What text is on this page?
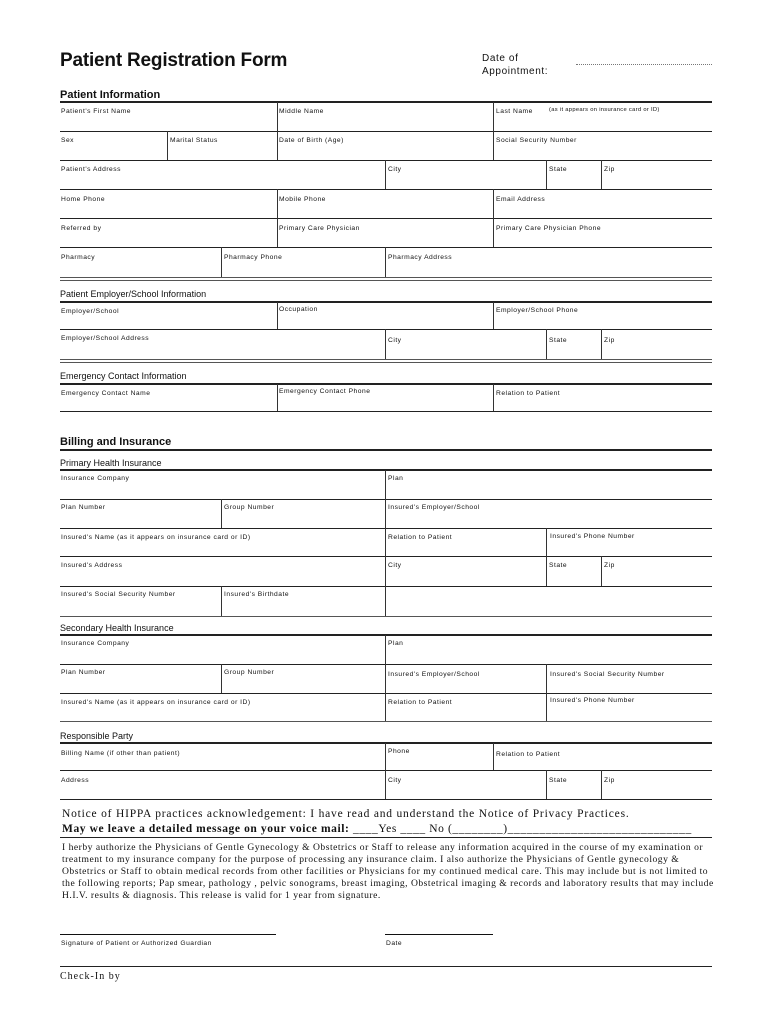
Patient Registration Form	Date of Appointment:
Patient Information
Patient's First Name	Middle Name	Last Name	(as it appears on insurance card or ID)
Sex	Marital Status	Date of Birth (Age)	Social Security Number
Patient's Address	City	State	Zip
Home Phone	Mobile Phone	Email Address
Referred by	Primary Care Physician	Primary Care Physician Phone
Pharmacy	Pharmacy Phone	Pharmacy Address
Patient Employer/School Information
Employer/School	Occupation	Employer/School Phone
Employer/School Address	City	State	Zip
Emergency Contact Information
Emergency Contact Name	Emergency Contact Phone	Relation to Patient
Billing and Insurance
Primary Health Insurance
Insurance Company	Plan
Plan Number	Group Number	Insured's Employer/School
Insured's Name (as it appears on insurance card or ID)	Relation to Patient	Insured's Phone Number
Insured's Address	City	State	Zip
Insured's Social Security Number	Insured's Birthdate
Secondary Health Insurance
Insurance Company	Plan
Plan Number	Group Number	Insured's Employer/School	Insured's Social Security Number
Insured's Name (as it appears on insurance card or ID)	Relation to Patient	Insured's Phone Number
Responsible Party
Billing Name (if other than patient)	Phone	Relation to Patient
Address	City	State	Zip
Notice of HIPPA practices acknowledgement: I have read and understand the Notice of Privacy Practices.
May we leave a detailed message on your voice mail: ____Yes ____ No (________)_____________________________

I herby authorize the Physicians of Gentle Gynecology & Obstetrics or Staff to release any information acquired in the course of my examination or treatment to my insurance company for the purpose of processing any insurance claim. I also authorize the Physicians of Gentle gynecology & Obstetrics or Staff to obtain medical records from other facilities or Physicians for my continued medical care. This may include but is not limited to the following reports; Pap smear, pathology , pelvic sonograms, breast imaging, Obstetrical imaging & records and laboratory results that may include H.I.V. results & diagnosis. This release is valid for 1 year from signature.

Signature of Patient or Authorized Guardian	Date
Check-In by
